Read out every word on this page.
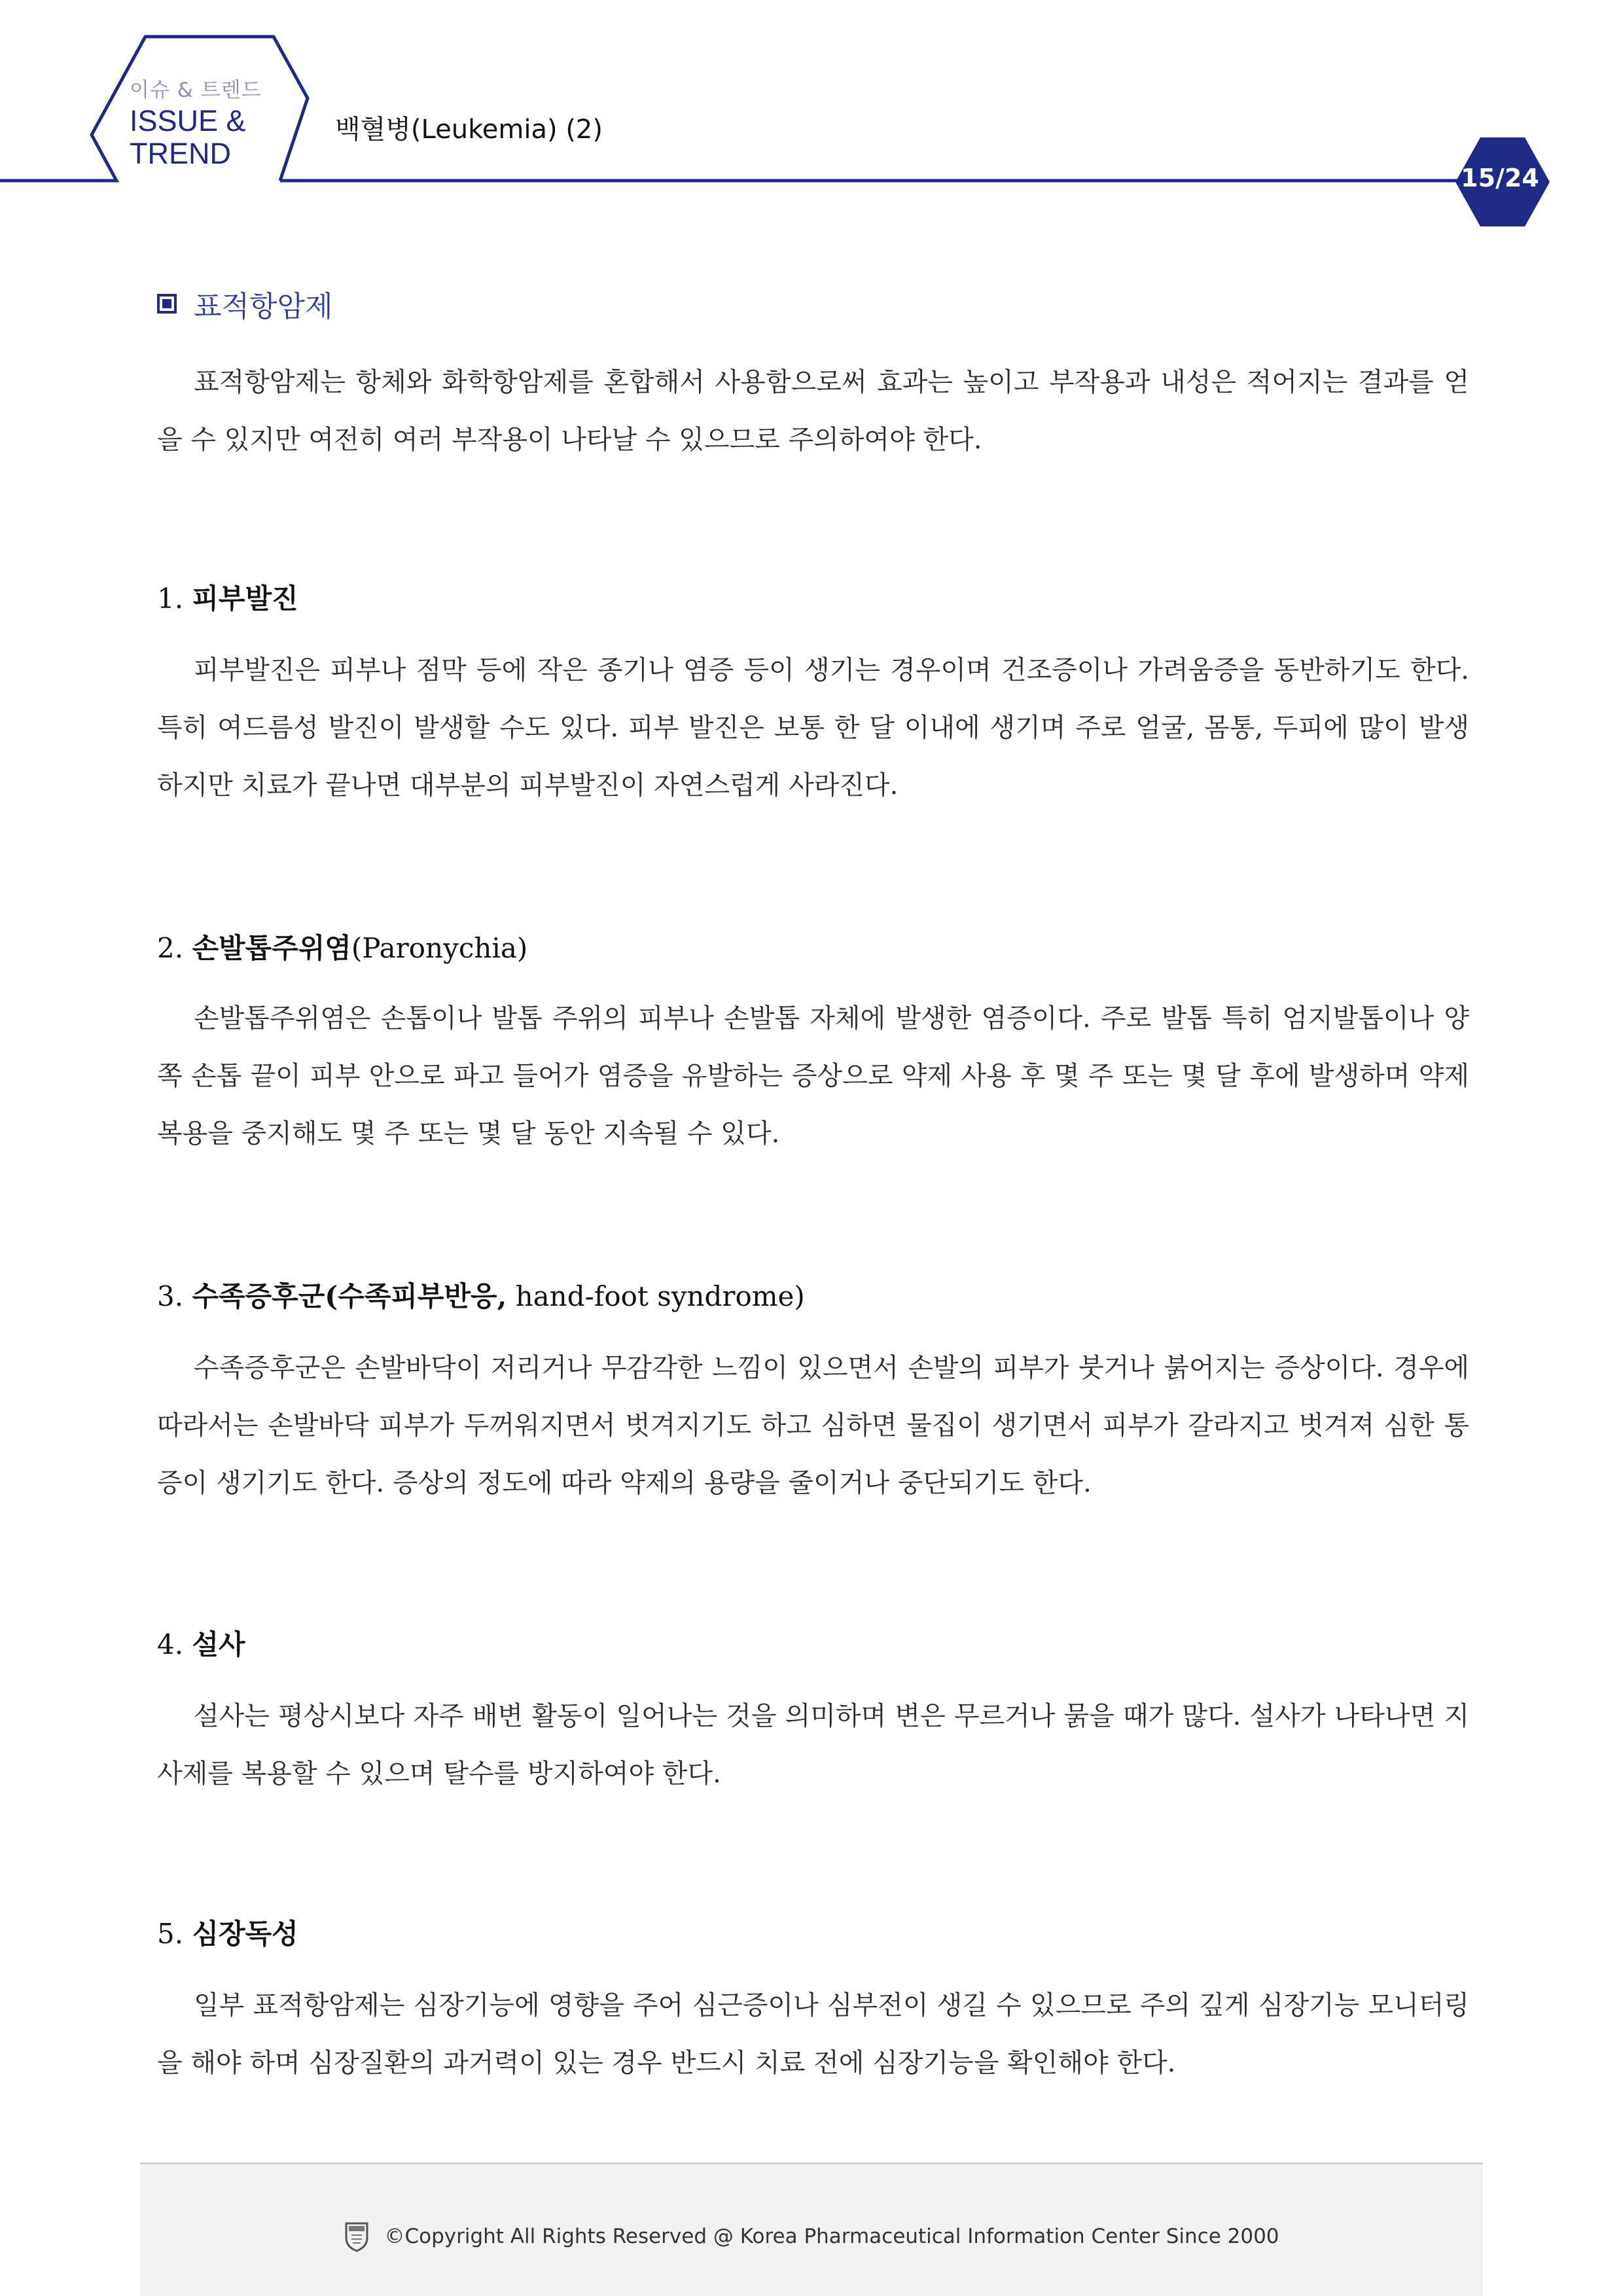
이슈 & 트렌드
ISSUE &
TREND
백혈병(Leukemia) (2)
15/24
표적항암제
표적항암제는 항체와 화학항암제를 혼합해서 사용함으로써 효과는 높이고 부작용과 내성은 적어지는 결과를 얻을 수 있지만 여전히 여러 부작용이 나타날 수 있으므로 주의하여야 한다.
1. 피부발진
피부발진은 피부나 점막 등에 작은 종기나 염증 등이 생기는 경우이며 건조증이나 가려움증을 동반하기도 한다. 특히 여드름성 발진이 발생할 수도 있다. 피부 발진은 보통 한 달 이내에 생기며 주로 얼굴, 몸통, 두피에 많이 발생하지만 치료가 끝나면 대부분의 피부발진이 자연스럽게 사라진다.
2. 손발톱주위염(Paronychia)
손발톱주위염은 손톱이나 발톱 주위의 피부나 손발톱 자체에 발생한 염증이다. 주로 발톱 특히 엄지발톱이나 양쪽 손톱 끝이 피부 안으로 파고 들어가 염증을 유발하는 증상으로 약제 사용 후 몇 주 또는 몇 달 후에 발생하며 약제 복용을 중지해도 몇 주 또는 몇 달 동안 지속될 수 있다.
3. 수족증후군(수족피부반응, hand-foot syndrome)
수족증후군은 손발바닥이 저리거나 무감각한 느낌이 있으면서 손발의 피부가 붓거나 붉어지는 증상이다. 경우에 따라서는 손발바닥 피부가 두꺼워지면서 벗겨지기도 하고 심하면 물집이 생기면서 피부가 갈라지고 벗겨져 심한 통증이 생기기도 한다. 증상의 정도에 따라 약제의 용량을 줄이거나 중단되기도 한다.
4. 설사
설사는 평상시보다 자주 배변 활동이 일어나는 것을 의미하며 변은 무르거나 묽을 때가 많다. 설사가 나타나면 지사제를 복용할 수 있으며 탈수를 방지하여야 한다.
5. 심장독성
일부 표적항암제는 심장기능에 영향을 주어 심근증이나 심부전이 생길 수 있으므로 주의 깊게 심장기능 모니터링을 해야 하며 심장질환의 과거력이 있는 경우 반드시 치료 전에 심장기능을 확인해야 한다.
©Copyright All Rights Reserved @ Korea Pharmaceutical Information Center Since 2000
